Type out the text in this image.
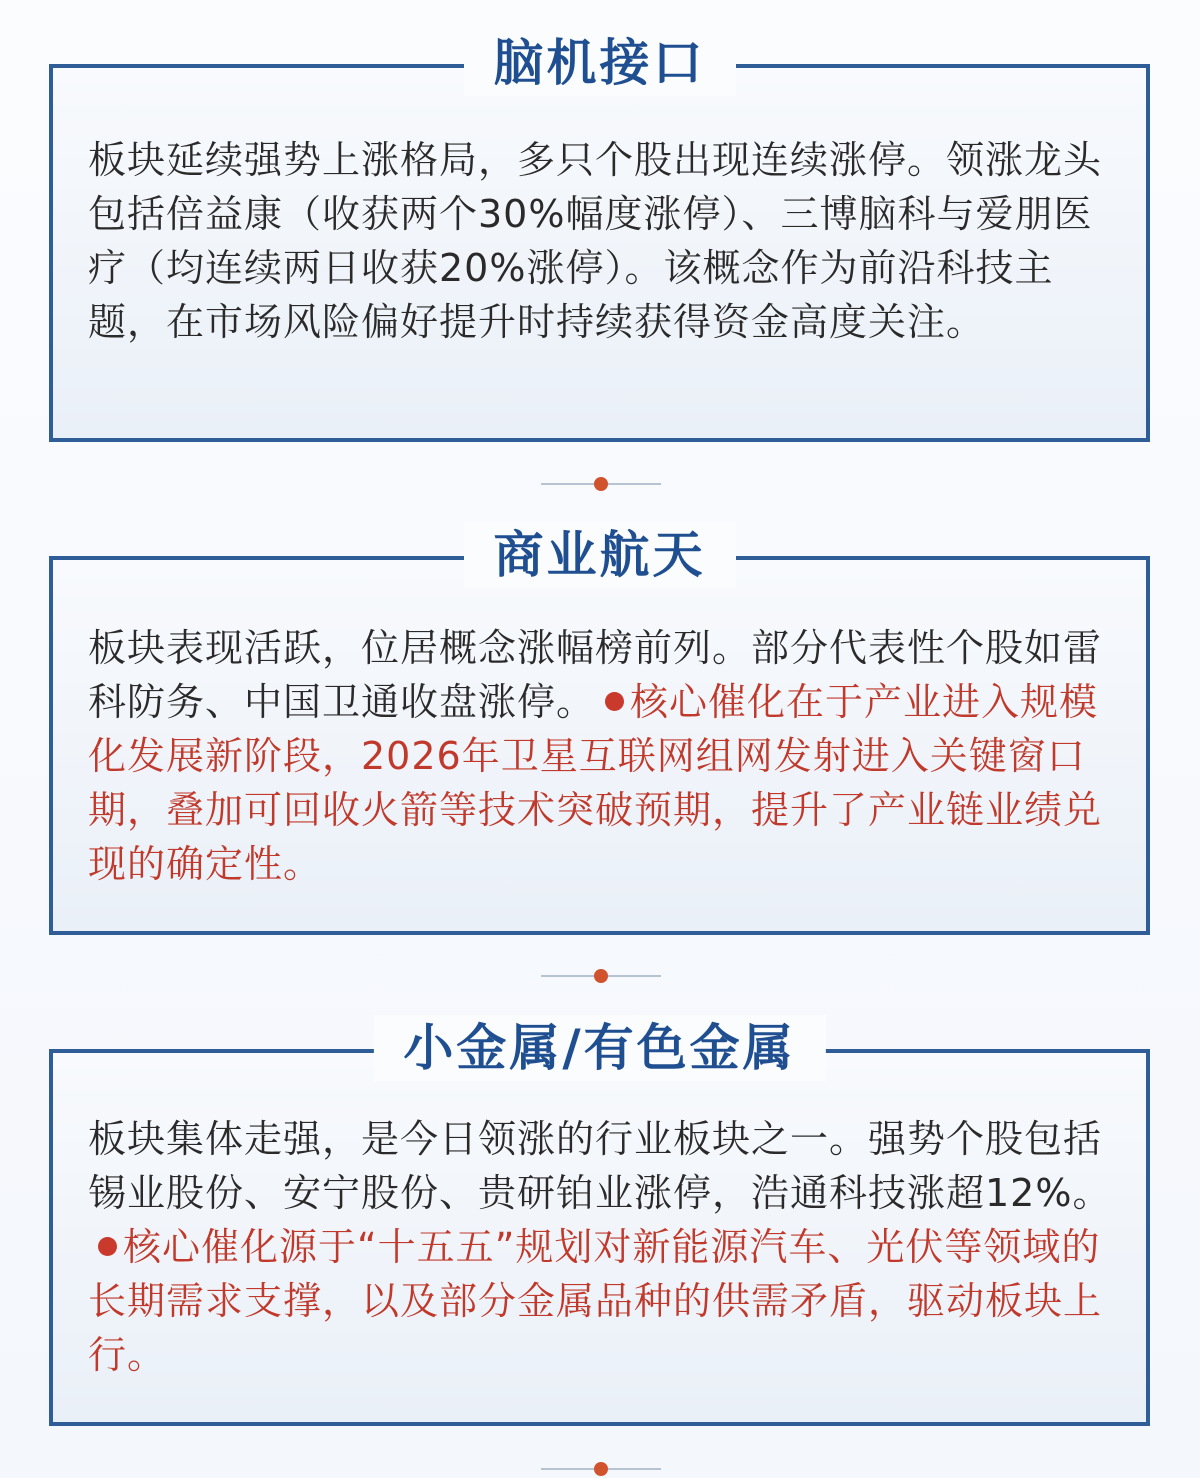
脑机接口
板块延续强势上涨格局，多只个股出现连续涨停。领涨龙头包括倍益康（收获两个30%幅度涨停）、三博脑科与爱朋医疗（均连续两日收获20%涨停）。该概念作为前沿科技主题，在市场风险偏好提升时持续获得资金高度关注。
商业航天
板块表现活跃，位居概念涨幅榜前列。部分代表性个股如雷科防务、中国卫通收盘涨停。 核心催化在于产业进入规模化发展新阶段，2026年卫星互联网组网发射进入关键窗口期，叠加可回收火箭等技术突破预期，提升了产业链业绩兑现的确定性。
小金属/有色金属
板块集体走强，是今日领涨的行业板块之一。强势个股包括锡业股份、安宁股份、贵研铂业涨停，浩通科技涨超12%。核心催化源于“十五五”规划对新能源汽车、光伏等领域的长期需求支撑，以及部分金属品种的供需矛盾，驱动板块上行。
